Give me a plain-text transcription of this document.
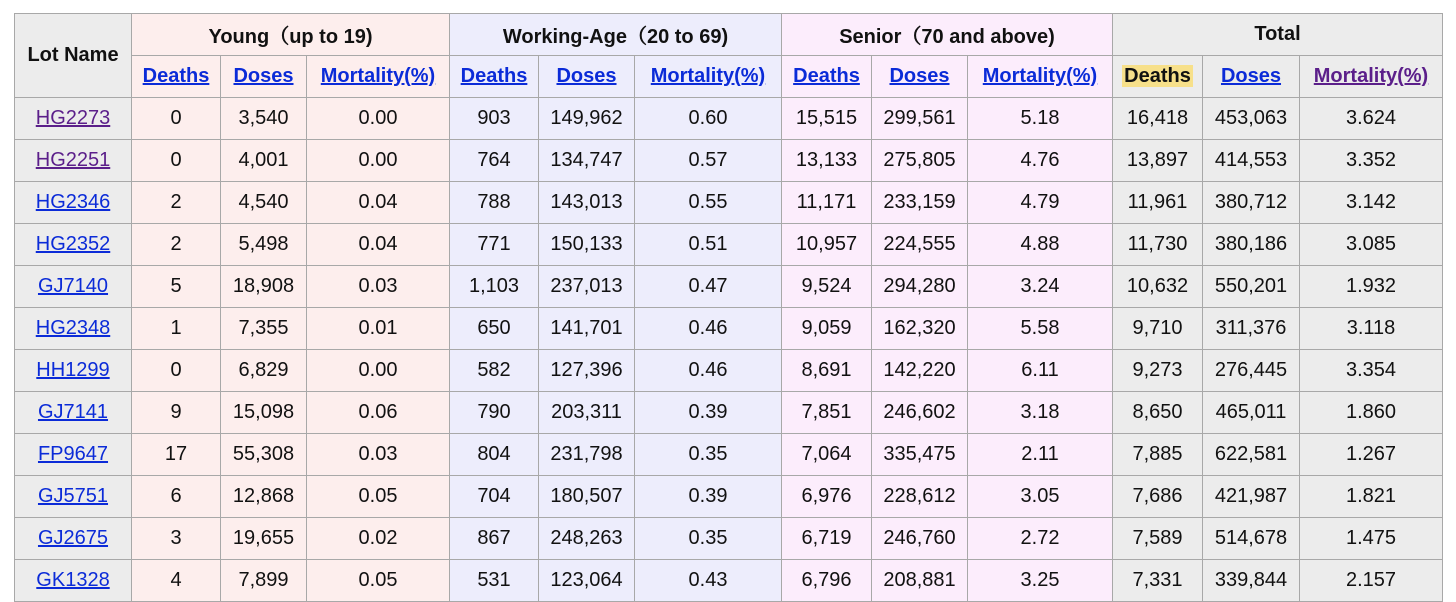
Lot Name	Young（up to 19)			Working-Age（20 to 69)			Senior（70 and above)			Total		
	Deaths	Doses	Mortality(%)	Deaths	Doses	Mortality(%)	Deaths	Doses	Mortality(%)	Deaths	Doses	Mortality(%)
HG2273	0	3,540	0.00	903	149,962	0.60	15,515	299,561	5.18	16,418	453,063	3.624
HG2251	0	4,001	0.00	764	134,747	0.57	13,133	275,805	4.76	13,897	414,553	3.352
HG2346	2	4,540	0.04	788	143,013	0.55	11,171	233,159	4.79	11,961	380,712	3.142
HG2352	2	5,498	0.04	771	150,133	0.51	10,957	224,555	4.88	11,730	380,186	3.085
GJ7140	5	18,908	0.03	1,103	237,013	0.47	9,524	294,280	3.24	10,632	550,201	1.932
HG2348	1	7,355	0.01	650	141,701	0.46	9,059	162,320	5.58	9,710	311,376	3.118
HH1299	0	6,829	0.00	582	127,396	0.46	8,691	142,220	6.11	9,273	276,445	3.354
GJ7141	9	15,098	0.06	790	203,311	0.39	7,851	246,602	3.18	8,650	465,011	1.860
FP9647	17	55,308	0.03	804	231,798	0.35	7,064	335,475	2.11	7,885	622,581	1.267
GJ5751	6	12,868	0.05	704	180,507	0.39	6,976	228,612	3.05	7,686	421,987	1.821
GJ2675	3	19,655	0.02	867	248,263	0.35	6,719	246,760	2.72	7,589	514,678	1.475
GK1328	4	7,899	0.05	531	123,064	0.43	6,796	208,881	3.25	7,331	339,844	2.157
